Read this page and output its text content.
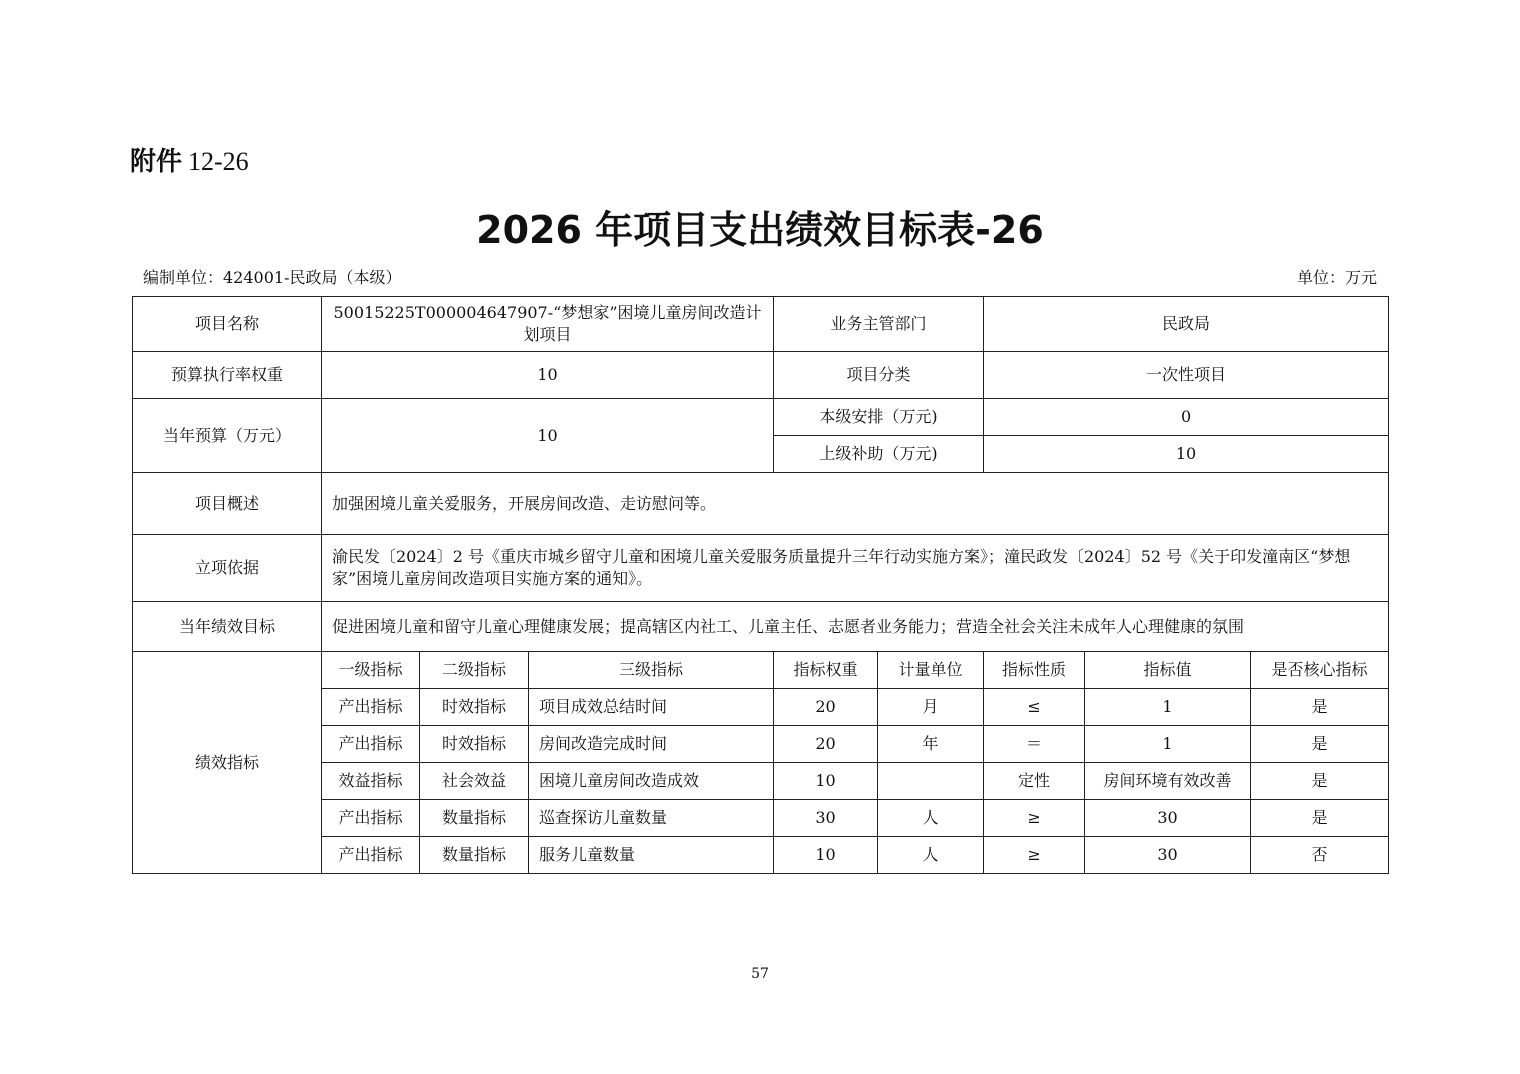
附件 12-26
2026 年项目支出绩效目标表-26
编制单位：424001-民政局（本级）	单位：万元
项目名称	50015225T000004647907-“梦想家”困境儿童房间改造计划项目			业务主管部门		民政局		
预算执行率权重	10			项目分类		一次性项目		
当年预算（万元）	10			本级安排（万元)		0		
				上级补助（万元)		10		
项目概述	加强困境儿童关爱服务，开展房间改造、走访慰问等。							
立项依据	渝民发〔2024〕2 号《重庆市城乡留守儿童和困境儿童关爱服务质量提升三年行动实施方案》；潼民政发〔2024〕52 号《关于印发潼南区“梦想家”困境儿童房间改造项目实施方案的通知》。							
当年绩效目标	促进困境儿童和留守儿童心理健康发展；提高辖区内社工、儿童主任、志愿者业务能力；营造全社会关注未成年人心理健康的氛围							
绩效指标	一级指标	二级指标	三级指标	指标权重	计量单位	指标性质	指标值	是否核心指标
	产出指标	时效指标	项目成效总结时间	20	月	≤	1	是
	产出指标	时效指标	房间改造完成时间	20	年	＝	1	是
	效益指标	社会效益	困境儿童房间改造成效	10		定性	房间环境有效改善	是
	产出指标	数量指标	巡查探访儿童数量	30	人	≥	30	是
	产出指标	数量指标	服务儿童数量	10	人	≥	30	否
57
